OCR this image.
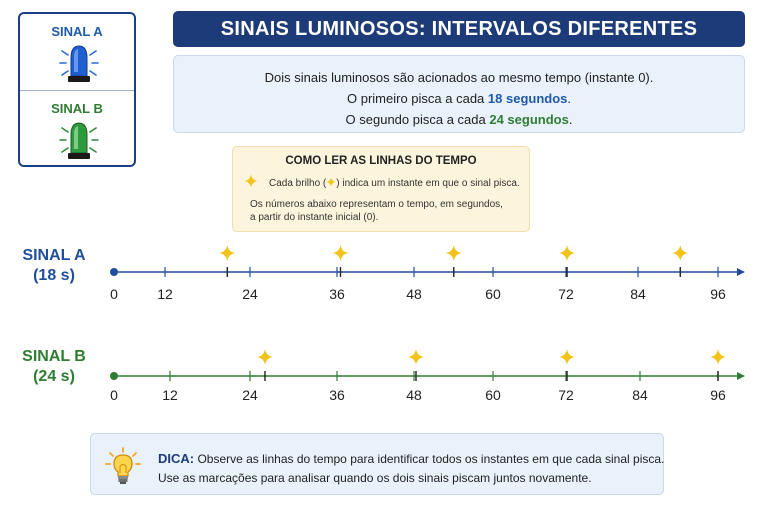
SINAL A
SINAL B
SINAIS LUMINOSOS: INTERVALOS DIFERENTES
Dois sinais luminosos são acionados ao mesmo tempo (instante 0).
O primeiro pisca a cada 18 segundos.
O segundo pisca a cada 24 segundos.
COMO LER AS LINHAS DO TEMPO
Cada brilho ( ) indica um instante em que o sinal pisca.
Os números abaixo representam o tempo, em segundos,
a partir do instante inicial (0).
SINAL A
(18 s)
SINAL B
(24 s)
0	12	24	36	48	60	72	84	96
0	12	24	36	48	60	72	84	96
DICA: Observe as linhas do tempo para identificar todos os instantes em que cada sinal pisca.
Use as marcações para analisar quando os dois sinais piscam juntos novamente.
